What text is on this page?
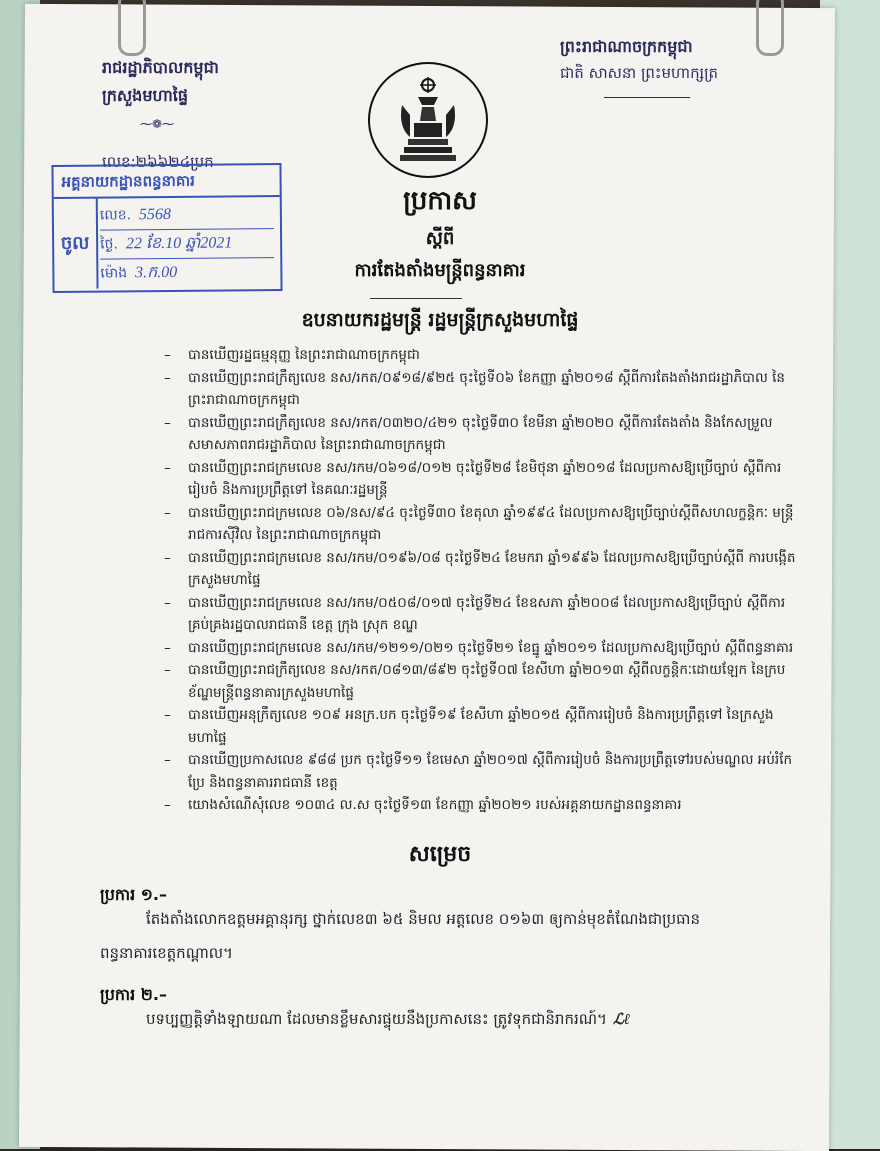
រាជរដ្ឋាភិបាលកម្ពុជា
ក្រសួងមហាផ្ទៃ
⁓❁⁓
លេខ:២៦៦២៤ប្រក
ព្រះរាជាណាចក្រកម្ពុជា
ជាតិ សាសនា ព្រះមហាក្សត្រ
អគ្គនាយកដ្ឋានពន្ធនាគារ
ចូល
លេខ. 5568
ថ្ងៃ. 22 ខែ.10 ឆ្នាំ2021
ម៉ោង 3.ក.00
ប្រកាស
ស្ដីពី
ការតែងតាំងមន្ត្រីពន្ធនាគារ
ឧបនាយករដ្ឋមន្ត្រី រដ្ឋមន្ត្រីក្រសួងមហាផ្ទៃ
– បានឃើញរដ្ឋធម្មនុញ្ញ នៃព្រះរាជាណាចក្រកម្ពុជា
– បានឃើញព្រះរាជក្រឹត្យលេខ នស/រកត/០៩១៨/៩២៥ ចុះថ្ងៃទី០៦ ខែកញ្ញា ឆ្នាំ២០១៨ ស្តីពីការតែងតាំងរាជរដ្ឋាភិបាល នៃព្រះរាជាណាចក្រកម្ពុជា
– បានឃើញព្រះរាជក្រឹត្យលេខ នស/រកត/០៣២០/៤២១ ចុះថ្ងៃទី៣០ ខែមីនា ឆ្នាំ២០២០ ស្តីពីការតែងតាំង និងកែសម្រួល សមាសភាពរាជរដ្ឋាភិបាល នៃព្រះរាជាណាចក្រកម្ពុជា
– បានឃើញព្រះរាជក្រមលេខ នស/រកម/០៦១៨/០១២ ចុះថ្ងៃទី២៨ ខែមិថុនា ឆ្នាំ២០១៨ ដែលប្រកាសឱ្យប្រើច្បាប់ ស្តីពីការរៀបចំ និងការប្រព្រឹត្តទៅ នៃគណៈរដ្ឋមន្ត្រី
– បានឃើញព្រះរាជក្រមលេខ ០៦/នស/៩៤ ចុះថ្ងៃទី៣០ ខែតុលា ឆ្នាំ១៩៩៤ ដែលប្រកាសឱ្យប្រើច្បាប់ស្តីពីសហលក្ខន្តិកៈ មន្ត្រីរាជការស៊ីវិល នៃព្រះរាជាណាចក្រកម្ពុជា
– បានឃើញព្រះរាជក្រមលេខ នស/រកម/០១៩៦/០៨ ចុះថ្ងៃទី២៤ ខែមករា ឆ្នាំ១៩៩៦ ដែលប្រកាសឱ្យប្រើច្បាប់ស្តីពី ការបង្កើតក្រសួងមហាផ្ទៃ
– បានឃើញព្រះរាជក្រមលេខ នស/រកម/០៥០៨/០១៧ ចុះថ្ងៃទី២៤ ខែឧសភា ឆ្នាំ២០០៨ ដែលប្រកាសឱ្យប្រើច្បាប់ ស្តីពីការគ្រប់គ្រងរដ្ឋបាលរាជធានី ខេត្ត ក្រុង ស្រុក ខណ្ឌ
– បានឃើញព្រះរាជក្រមលេខ នស/រកម/១២១១/០២១ ចុះថ្ងៃទី២១ ខែធ្នូ ឆ្នាំ២០១១ ដែលប្រកាសឱ្យប្រើច្បាប់ ស្តីពីពន្ធនាគារ
– បានឃើញព្រះរាជក្រឹត្យលេខ នស/រកត/០៨១៣/៨៩២ ចុះថ្ងៃទី០៧ ខែសីហា ឆ្នាំ២០១៣ ស្តីពីលក្ខន្តិកៈដោយឡែក នៃក្របខ័ណ្ឌមន្ត្រីពន្ធនាគារក្រសួងមហាផ្ទៃ
– បានឃើញអនុក្រឹត្យលេខ ១០៩ អនក្រ.បក ចុះថ្ងៃទី១៩ ខែសីហា ឆ្នាំ២០១៥ ស្តីពីការរៀបចំ និងការប្រព្រឹត្តទៅ នៃក្រសួងមហាផ្ទៃ
– បានឃើញប្រកាសលេខ ៩៨៨ ប្រក ចុះថ្ងៃទី១១ ខែមេសា ឆ្នាំ២០១៧ ស្តីពីការរៀបចំ និងការប្រព្រឹត្តទៅរបស់មណ្ឌល អប់រំកែប្រែ និងពន្ធនាគាររាជធានី ខេត្ត
– យោងសំណើសុំលេខ ១០៣៤ ល.ស ចុះថ្ងៃទី១៣ ខែកញ្ញា ឆ្នាំ២០២១ របស់អគ្គនាយកដ្ឋានពន្ធនាគារ
សម្រេច
ប្រការ ១.–
តែងតាំងលោកឧត្តមអគ្គានុរក្ស ថ្នាក់លេខ៣ ៦៥ និមល អត្តលេខ ០១៦៣ ឲ្យកាន់មុខតំណែងជាប្រធាន
ពន្ធនាគារខេត្តកណ្ដាល។
ប្រការ ២.–
បទប្បញ្ញត្តិទាំងឡាយណា ដែលមានខ្លឹមសារផ្ទុយនឹងប្រកាសនេះ ត្រូវទុកជានិរាករណ៍។ ℒℓ
